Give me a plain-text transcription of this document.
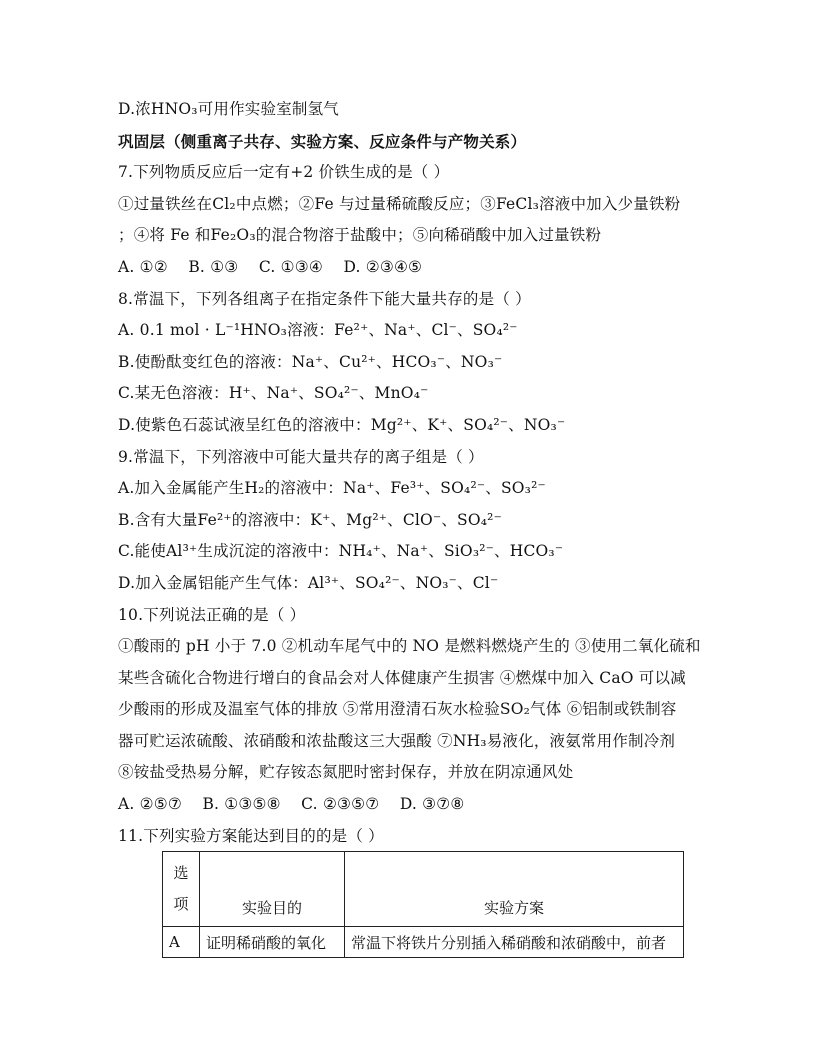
D.浓HNO₃可用作实验室制氢气
巩固层（侧重离子共存、实验方案、反应条件与产物关系）
7.下列物质反应后一定有+2 价铁生成的是（ ）
①过量铁丝在Cl₂中点燃；②Fe 与过量稀硫酸反应；③FeCl₃溶液中加入少量铁粉
；④将 Fe 和Fe₂O₃的混合物溶于盐酸中；⑤向稀硝酸中加入过量铁粉
A. ①②    B. ①③    C. ①③④    D. ②③④⑤
8.常温下，下列各组离子在指定条件下能大量共存的是（ ）
A. 0.1 mol · L⁻¹HNO₃溶液：Fe²⁺、Na⁺、Cl⁻、SO₄²⁻
B.使酚酞变红色的溶液：Na⁺、Cu²⁺、HCO₃⁻、NO₃⁻
C.某无色溶液：H⁺、Na⁺、SO₄²⁻、MnO₄⁻
D.使紫色石蕊试液呈红色的溶液中：Mg²⁺、K⁺、SO₄²⁻、NO₃⁻
9.常温下，下列溶液中可能大量共存的离子组是（ ）
A.加入金属能产生H₂的溶液中：Na⁺、Fe³⁺、SO₄²⁻、SO₃²⁻
B.含有大量Fe²⁺的溶液中：K⁺、Mg²⁺、ClO⁻、SO₄²⁻
C.能使Al³⁺生成沉淀的溶液中：NH₄⁺、Na⁺、SiO₃²⁻、HCO₃⁻
D.加入金属铝能产生气体：Al³⁺、SO₄²⁻、NO₃⁻、Cl⁻
10.下列说法正确的是（ ）
①酸雨的 pH 小于 7.0 ②机动车尾气中的 NO 是燃料燃烧产生的 ③使用二氧化硫和
某些含硫化合物进行增白的食品会对人体健康产生损害 ④燃煤中加入 CaO 可以减
少酸雨的形成及温室气体的排放 ⑤常用澄清石灰水检验SO₂气体 ⑥铝制或铁制容
器可贮运浓硫酸、浓硝酸和浓盐酸这三大强酸 ⑦NH₃易液化，液氨常用作制冷剂
⑧铵盐受热易分解，贮存铵态氮肥时密封保存，并放在阴凉通风处
A. ②⑤⑦    B. ①③⑤⑧    C. ②③⑤⑦    D. ③⑦⑧
11.下列实验方案能达到目的的是（ ）
选
项	实验目的	实验方案
A	证明稀硝酸的氧化	常温下将铁片分别插入稀硝酸和浓硝酸中，前者
